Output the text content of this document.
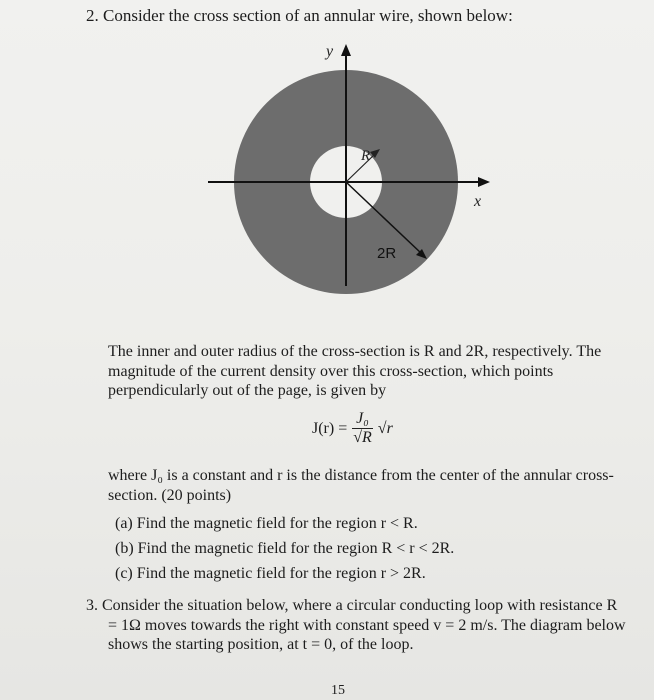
2. Consider the cross section of an annular wire, shown below:
y
x
R
2R
The inner and outer radius of the cross-section is R and 2R, respectively. The magnitude of the current density over this cross-section, which points perpendicularly out of the page, is given by
$J(r) = \frac{\text{J₀}}{√R} √r$
where J₀ is a constant and r is the distance from the center of the annular cross-section. (20 points)
(a) Find the magnetic field for the region r < R.
(b) Find the magnetic field for the region R < r < 2R.
(c) Find the magnetic field for the region r > 2R.
3. Consider the situation below, where a circular conducting loop with resistance R = 1Ω moves towards the right with constant speed v = 2 m/s. The diagram below shows the starting position, at t = 0, of the loop.
15
